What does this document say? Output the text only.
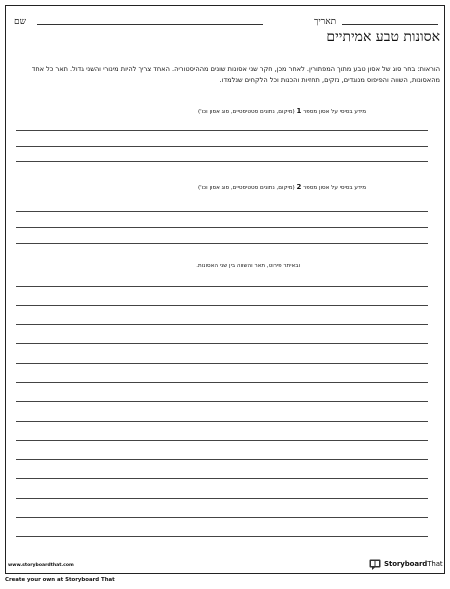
שם	תאריך
אסונות טבע אמיתיים
הוראות: בחר סוג של אסון טבע מתוך המפתורין. לאחר מכן, חקר שני אסונות שונים מההיסטוריה. האחד צריך להיות מינורי והשני גדול. תאר כל אחד מהאסונות, השווה והפיפוס מנוגדים, נזקים, תחזיות והכנות וכל הלקחים שנלמדו.
מידע בסיסי על אסון מספר 1 (מיקום, נתונים סטטיסטיים, סוג אסון וכו')
מידע בסיסי על אסון מספר 2 (מיקום, נתונים סטטיסטיים, סוג אסון וכו')
ובאיתר פירוט, תאר והשווה בין שני האסונות.
www.storyboardthat.com	StoryboardThat
Create your own at Storyboard That
